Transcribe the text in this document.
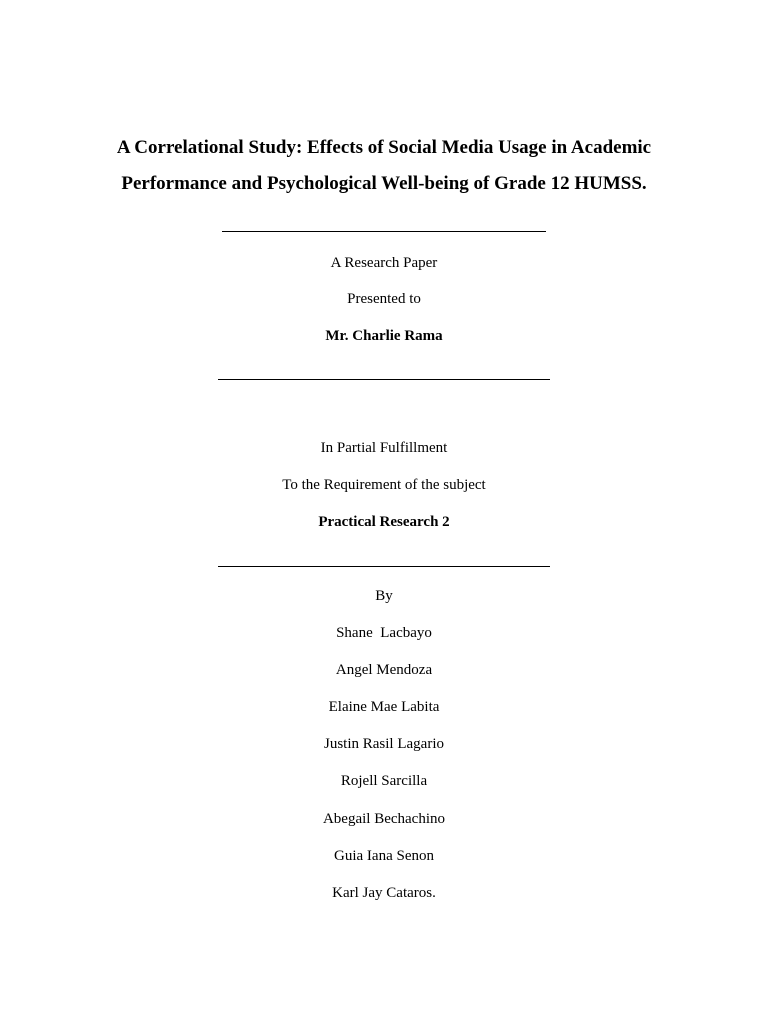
A Correlational Study: Effects of Social Media Usage in Academic
Performance and Psychological Well-being of Grade 12 HUMSS.
A Research Paper
Presented to
Mr. Charlie Rama
In Partial Fulfillment
To the Requirement of the subject
Practical Research 2
By
Shane  Lacbayo
Angel Mendoza
Elaine Mae Labita
Justin Rasil Lagario
Rojell Sarcilla
Abegail Bechachino
Guia Iana Senon
Karl Jay Cataros.
